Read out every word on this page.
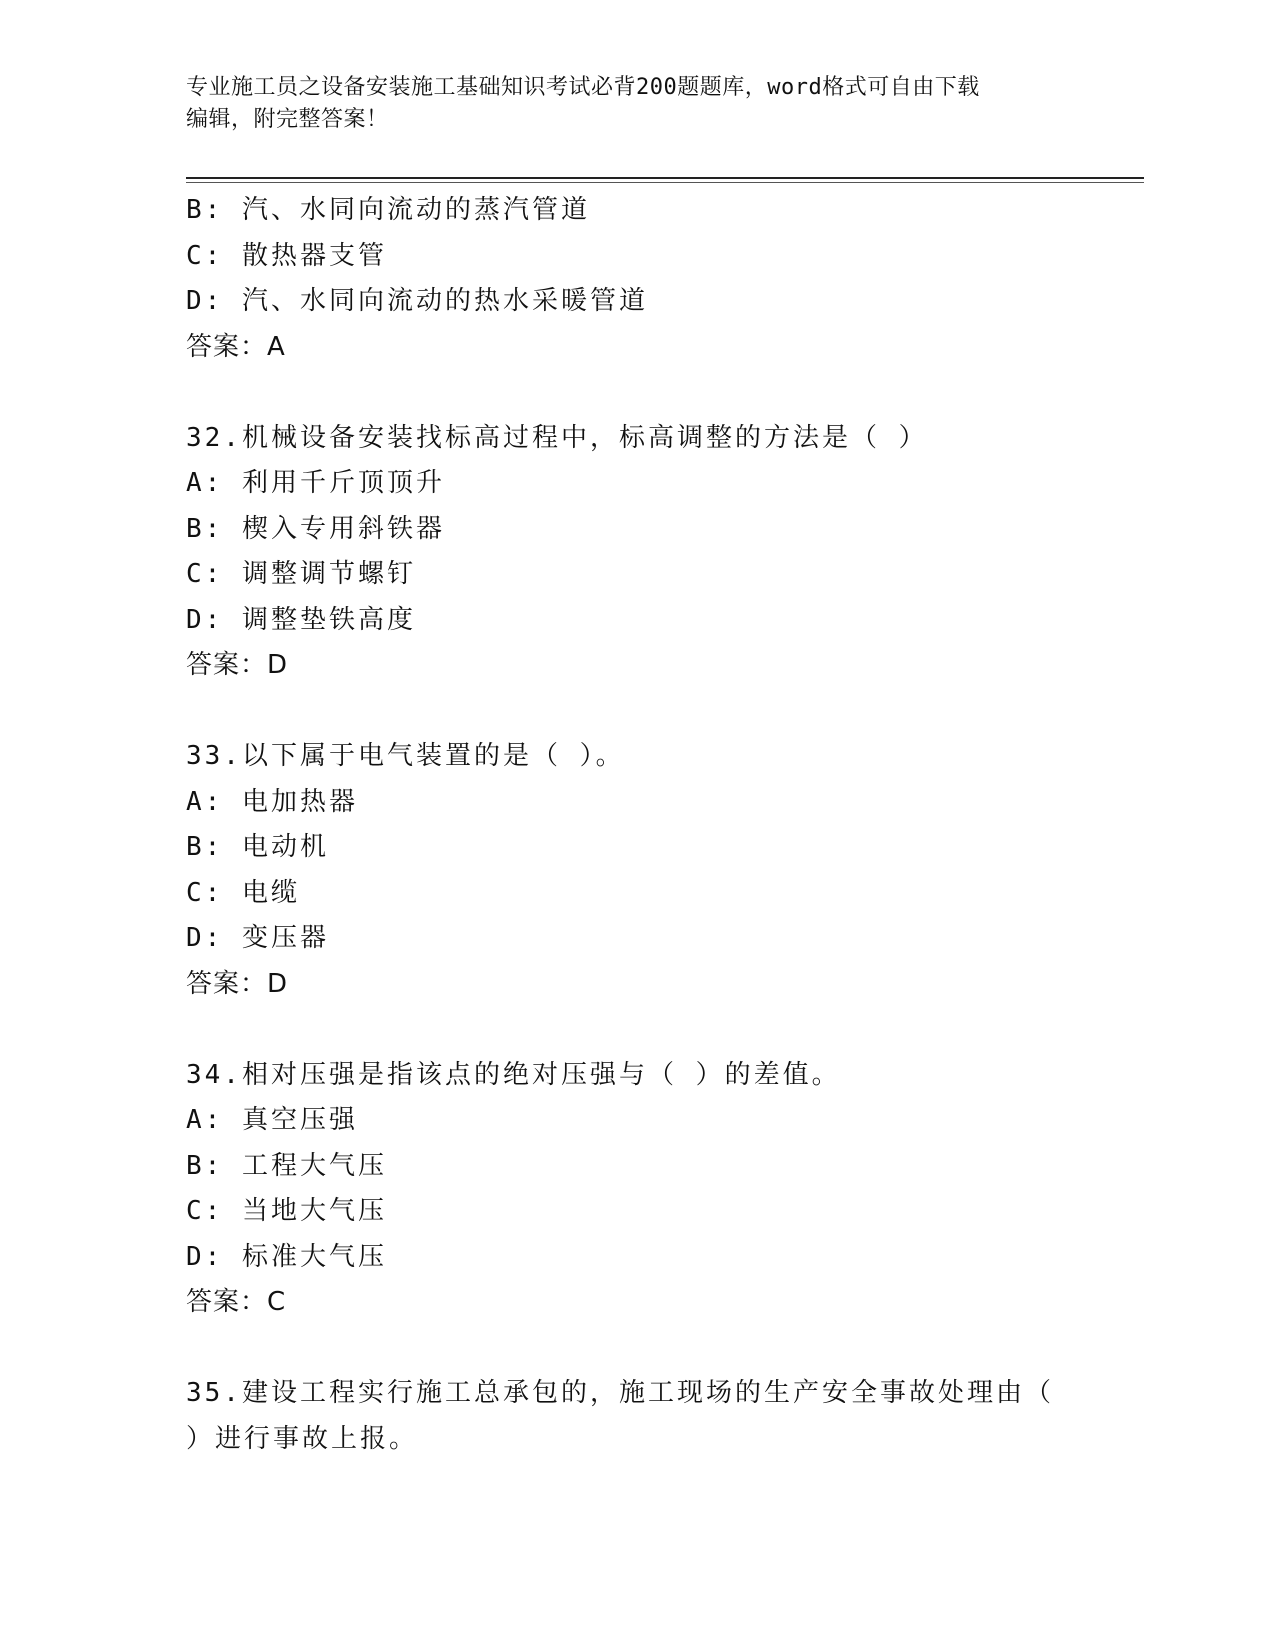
专业施工员之设备安装施工基础知识考试必背200题题库，word格式可自由下载
编辑，附完整答案！
B: 汽、水同向流动的蒸汽管道
C: 散热器支管
D: 汽、水同向流动的热水采暖管道
答案：A
32.机械设备安装找标高过程中，标高调整的方法是（ ）
A: 利用千斤顶顶升
B: 楔入专用斜铁器
C: 调整调节螺钉
D: 调整垫铁高度
答案：D
33.以下属于电气装置的是（ ）。
A: 电加热器
B: 电动机
C: 电缆
D: 变压器
答案：D
34.相对压强是指该点的绝对压强与（ ）的差值。
A: 真空压强
B: 工程大气压
C: 当地大气压
D: 标准大气压
答案：C
35.建设工程实行施工总承包的，施工现场的生产安全事故处理由（
）进行事故上报。
